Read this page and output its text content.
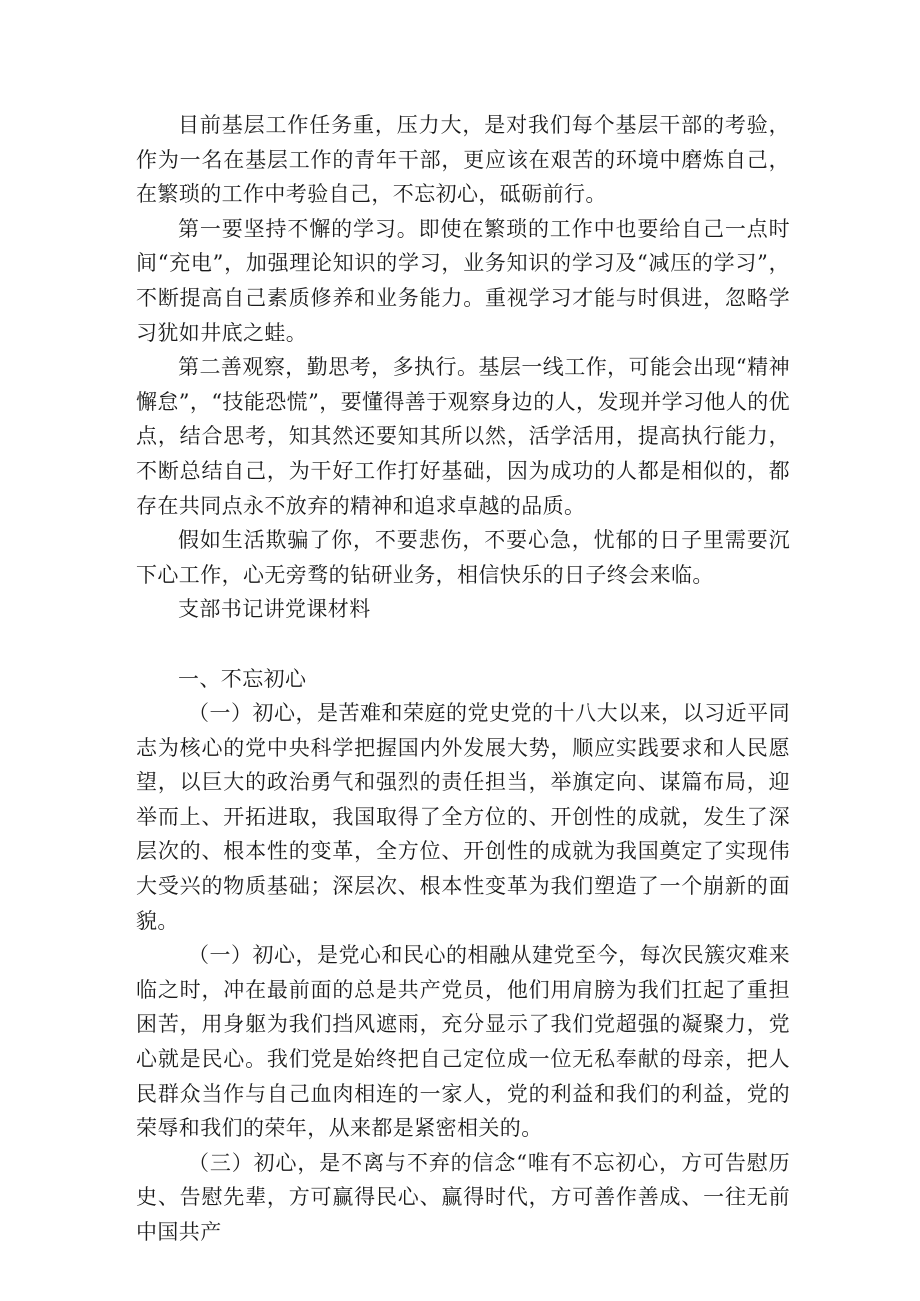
目前基层工作任务重，压力大，是对我们每个基层干部的考验，作为一名在基层工作的青年干部，更应该在艰苦的环境中磨炼自己，在繁琐的工作中考验自己，不忘初心，砥砺前行。

第一要坚持不懈的学习。即使在繁琐的工作中也要给自己一点时间“充电”，加强理论知识的学习，业务知识的学习及“减压的学习”，不断提高自己素质修养和业务能力。重视学习才能与时俱进，忽略学习犹如井底之蛙。

第二善观察，勤思考，多执行。基层一线工作，可能会出现“精神懈怠”，“技能恐慌”，要懂得善于观察身边的人，发现并学习他人的优点，结合思考，知其然还要知其所以然，活学活用，提高执行能力，不断总结自己，为干好工作打好基础，因为成功的人都是相似的，都存在共同点永不放弃的精神和追求卓越的品质。

假如生活欺骗了你，不要悲伤，不要心急，忧郁的日子里需要沉下心工作，心无旁骛的钻研业务，相信快乐的日子终会来临。

支部书记讲党课材料

一、不忘初心

（一）初心，是苦难和荣庭的党史党的十八大以来，以习近平同志为核心的党中央科学把握国内外发展大势，顺应实践要求和人民愿望，以巨大的政治勇气和强烈的责任担当，举旗定向、谋篇布局，迎举而上、开拓进取，我国取得了全方位的、开创性的成就，发生了深层次的、根本性的变革，全方位、开创性的成就为我国奠定了实现伟大受兴的物质基础；深层次、根本性变革为我们塑造了一个崩新的面貌。

（一）初心，是党心和民心的相融从建党至今，每次民簇灾难来临之时，冲在最前面的总是共产党员，他们用肩膀为我们扛起了重担困苦，用身躯为我们挡风遮雨，充分显示了我们党超强的凝聚力，党心就是民心。我们党是始终把自己定位成一位无私奉献的母亲，把人民群众当作与自己血肉相连的一家人，党的利益和我们的利益，党的荣辱和我们的荣年，从来都是紧密相关的。

（三）初心，是不离与不弃的信念“唯有不忘初心，方可告慰历史、告慰先辈，方可赢得民心、赢得时代，方可善作善成、一往无前中国共产
